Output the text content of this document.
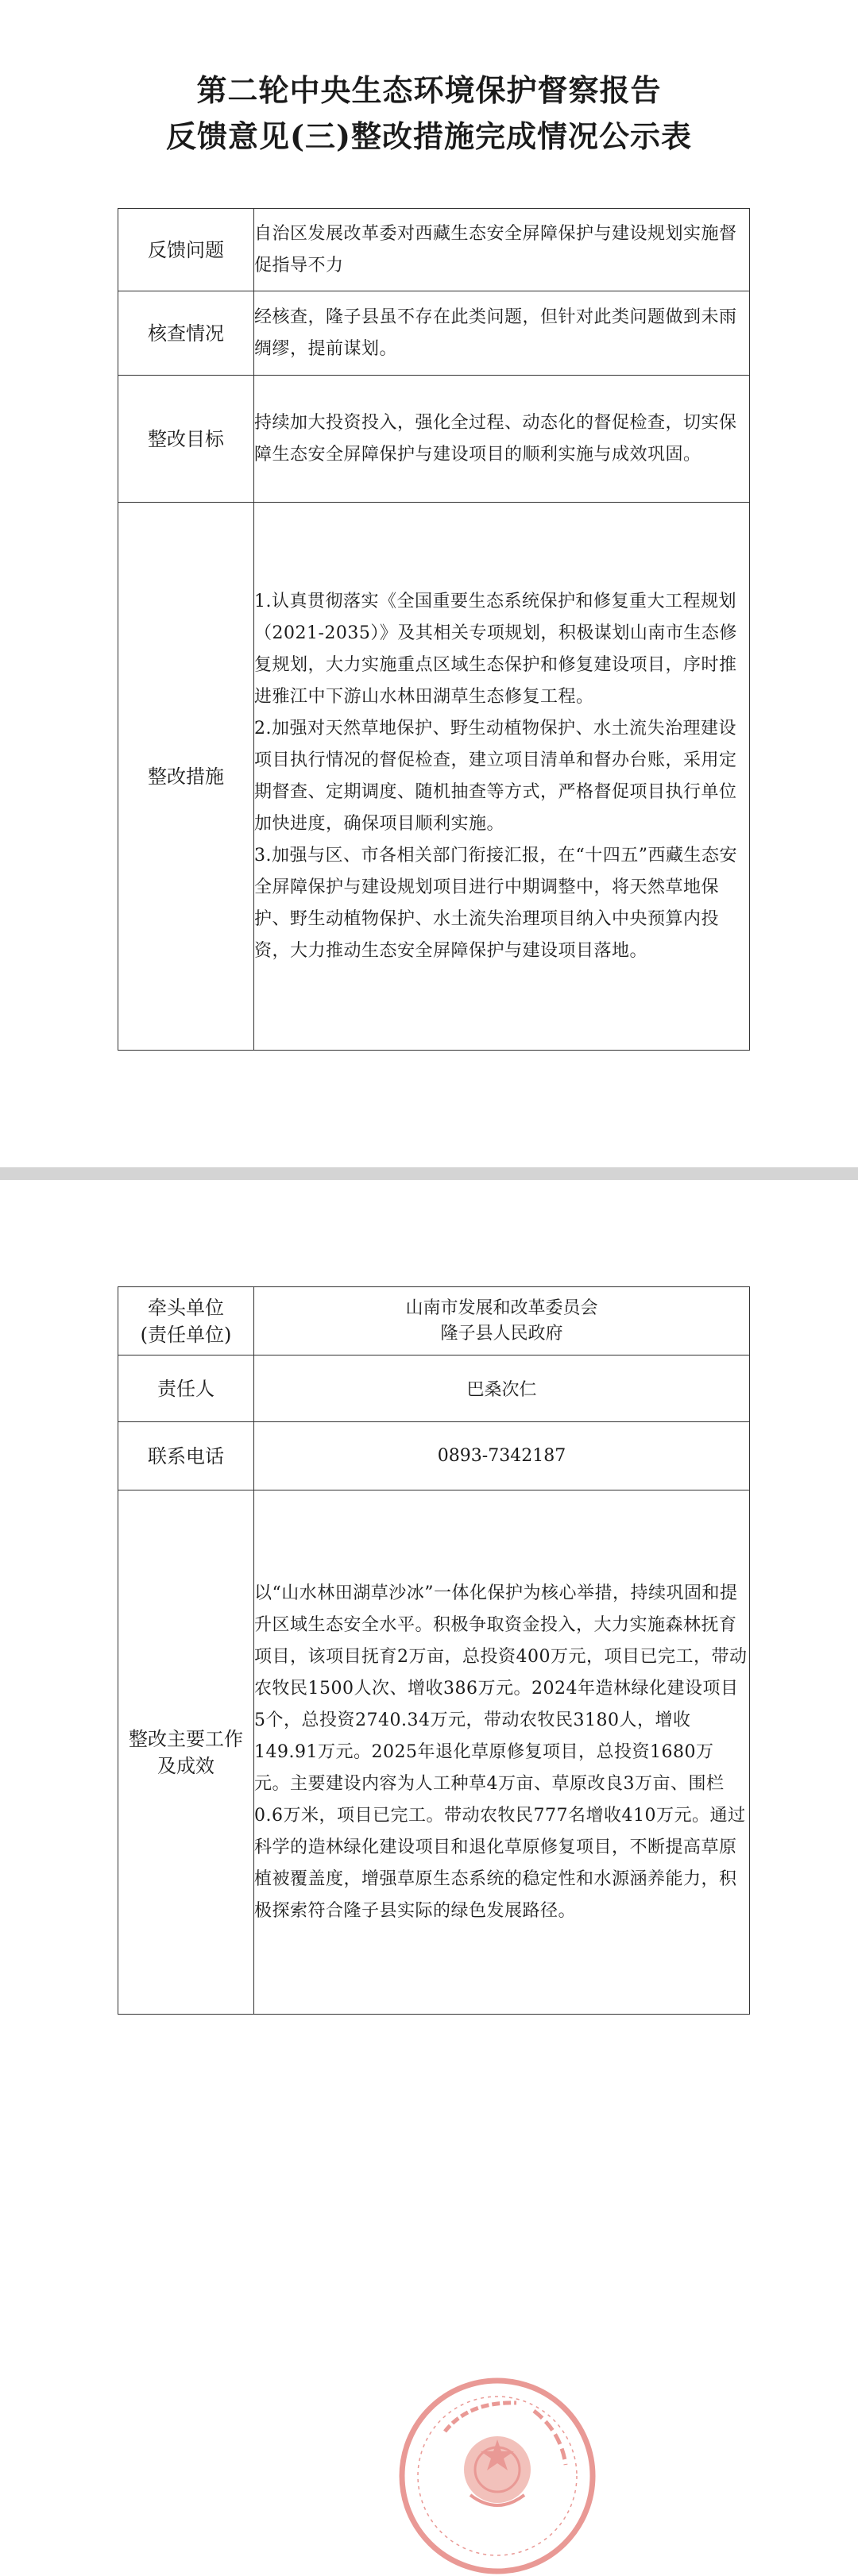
第二轮中央生态环境保护督察报告
反馈意见(三)整改措施完成情况公示表
反馈问题	自治区发展改革委对西藏生态安全屏障保护与建设规划实施督促指导不力

核查情况	经核查，隆子县虽不存在此类问题，但针对此类问题做到未雨绸缪，提前谋划。

整改目标	持续加大投资投入，强化全过程、动态化的督促检查，切实保障生态安全屏障保护与建设项目的顺利实施与成效巩固。

整改措施	1.认真贯彻落实《全国重要生态系统保护和修复重大工程规划（2021-2035）》及其相关专项规划，积极谋划山南市生态修复规划，大力实施重点区域生态保护和修复建设项目，序时推进雅江中下游山水林田湖草生态修复工程。
2.加强对天然草地保护、野生动植物保护、水土流失治理建设项目执行情况的督促检查，建立项目清单和督办台账，采用定期督查、定期调度、随机抽查等方式，严格督促项目执行单位加快进度，确保项目顺利实施。
3.加强与区、市各相关部门衔接汇报，在“十四五”西藏生态安全屏障保护与建设规划项目进行中期调整中，将天然草地保护、野生动植物保护、水土流失治理项目纳入中央预算内投资，大力推动生态安全屏障保护与建设项目落地。
牵头单位
(责任单位)	山南市发展和改革委员会
隆子县人民政府

责任人	巴桑次仁
联系电话	0893-7342187

整改主要工作
及成效	以“山水林田湖草沙冰”一体化保护为核心举措，持续巩固和提升区域生态安全水平。积极争取资金投入，大力实施森林抚育项目，该项目抚育2万亩，总投资400万元，项目已完工，带动农牧民1500人次、增收386万元。2024年造林绿化建设项目5个，总投资2740.34万元，带动农牧民3180人，增收149.91万元。2025年退化草原修复项目，总投资1680万元。主要建设内容为人工种草4万亩、草原改良3万亩、围栏0.6万米，项目已完工。带动农牧民777名增收410万元。通过科学的造林绿化建设项目和退化草原修复项目，不断提高草原植被覆盖度，增强草原生态系统的稳定性和水源涵养能力，积极探索符合隆子县实际的绿色发展路径。
